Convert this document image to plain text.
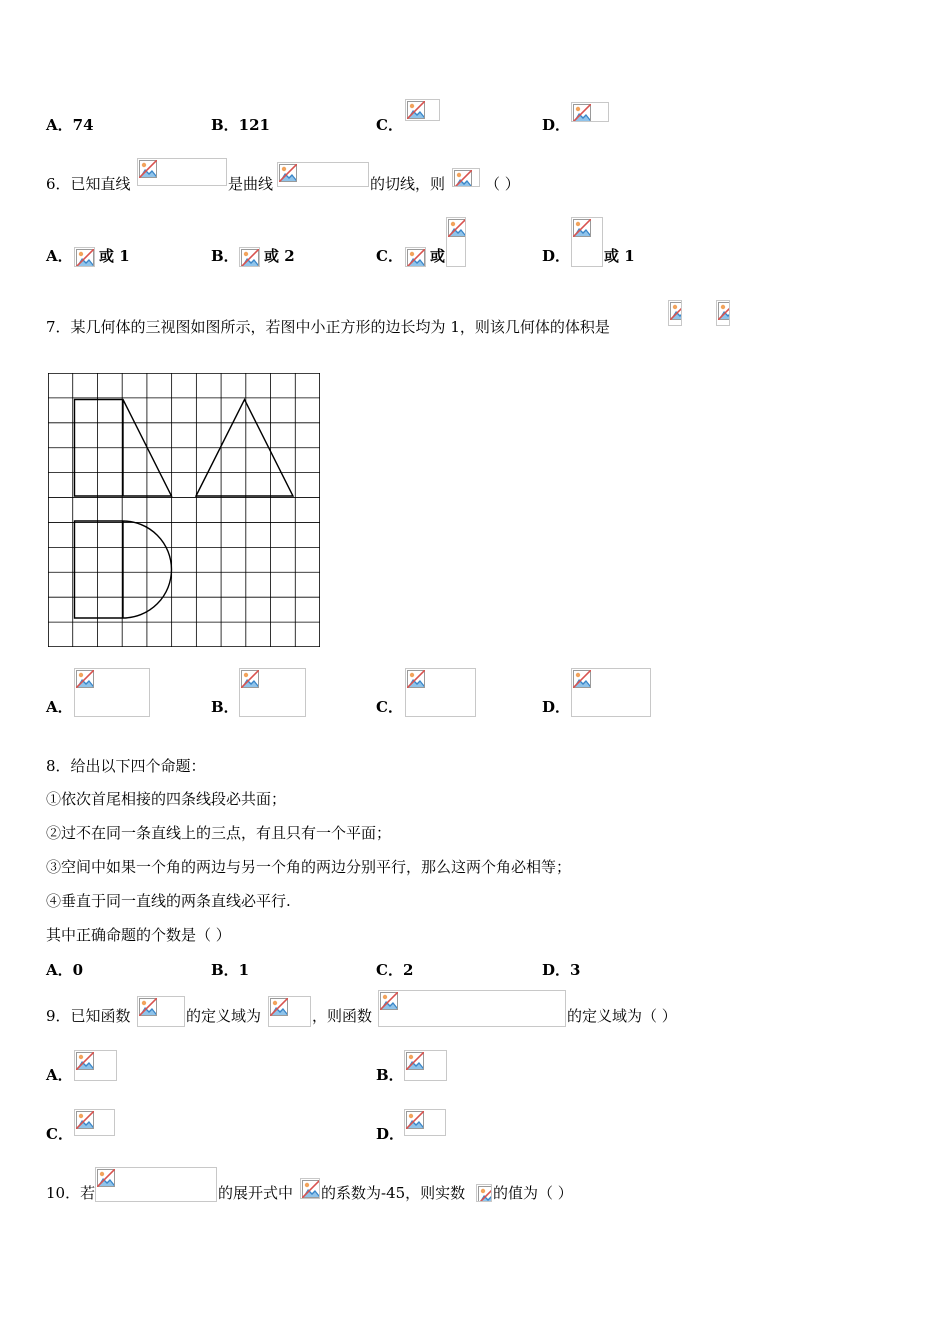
A．74	B．121	C．	D．
6．已知直线	是曲线	的切线，则	（ ）
A． 或 1	B． 或 2	C． 或	D． 或 1
7．某几何体的三视图如图所示，若图中小正方形的边长均为 1，则该几何体的体积是
A．	B．	C．	D．
8．给出以下四个命题：
①依次首尾相接的四条线段必共面；
②过不在同一条直线上的三点，有且只有一个平面；
③空间中如果一个角的两边与另一个角的两边分别平行，那么这两个角必相等；
④垂直于同一直线的两条直线必平行.
其中正确命题的个数是（ ）
A．0	B．1	C．2	D．3
9．已知函数	的定义域为	，则函数	的定义域为（ ）
A．	B．
C．	D．
10．若	的展开式中 的系数为-45，则实数 的值为（ ）
